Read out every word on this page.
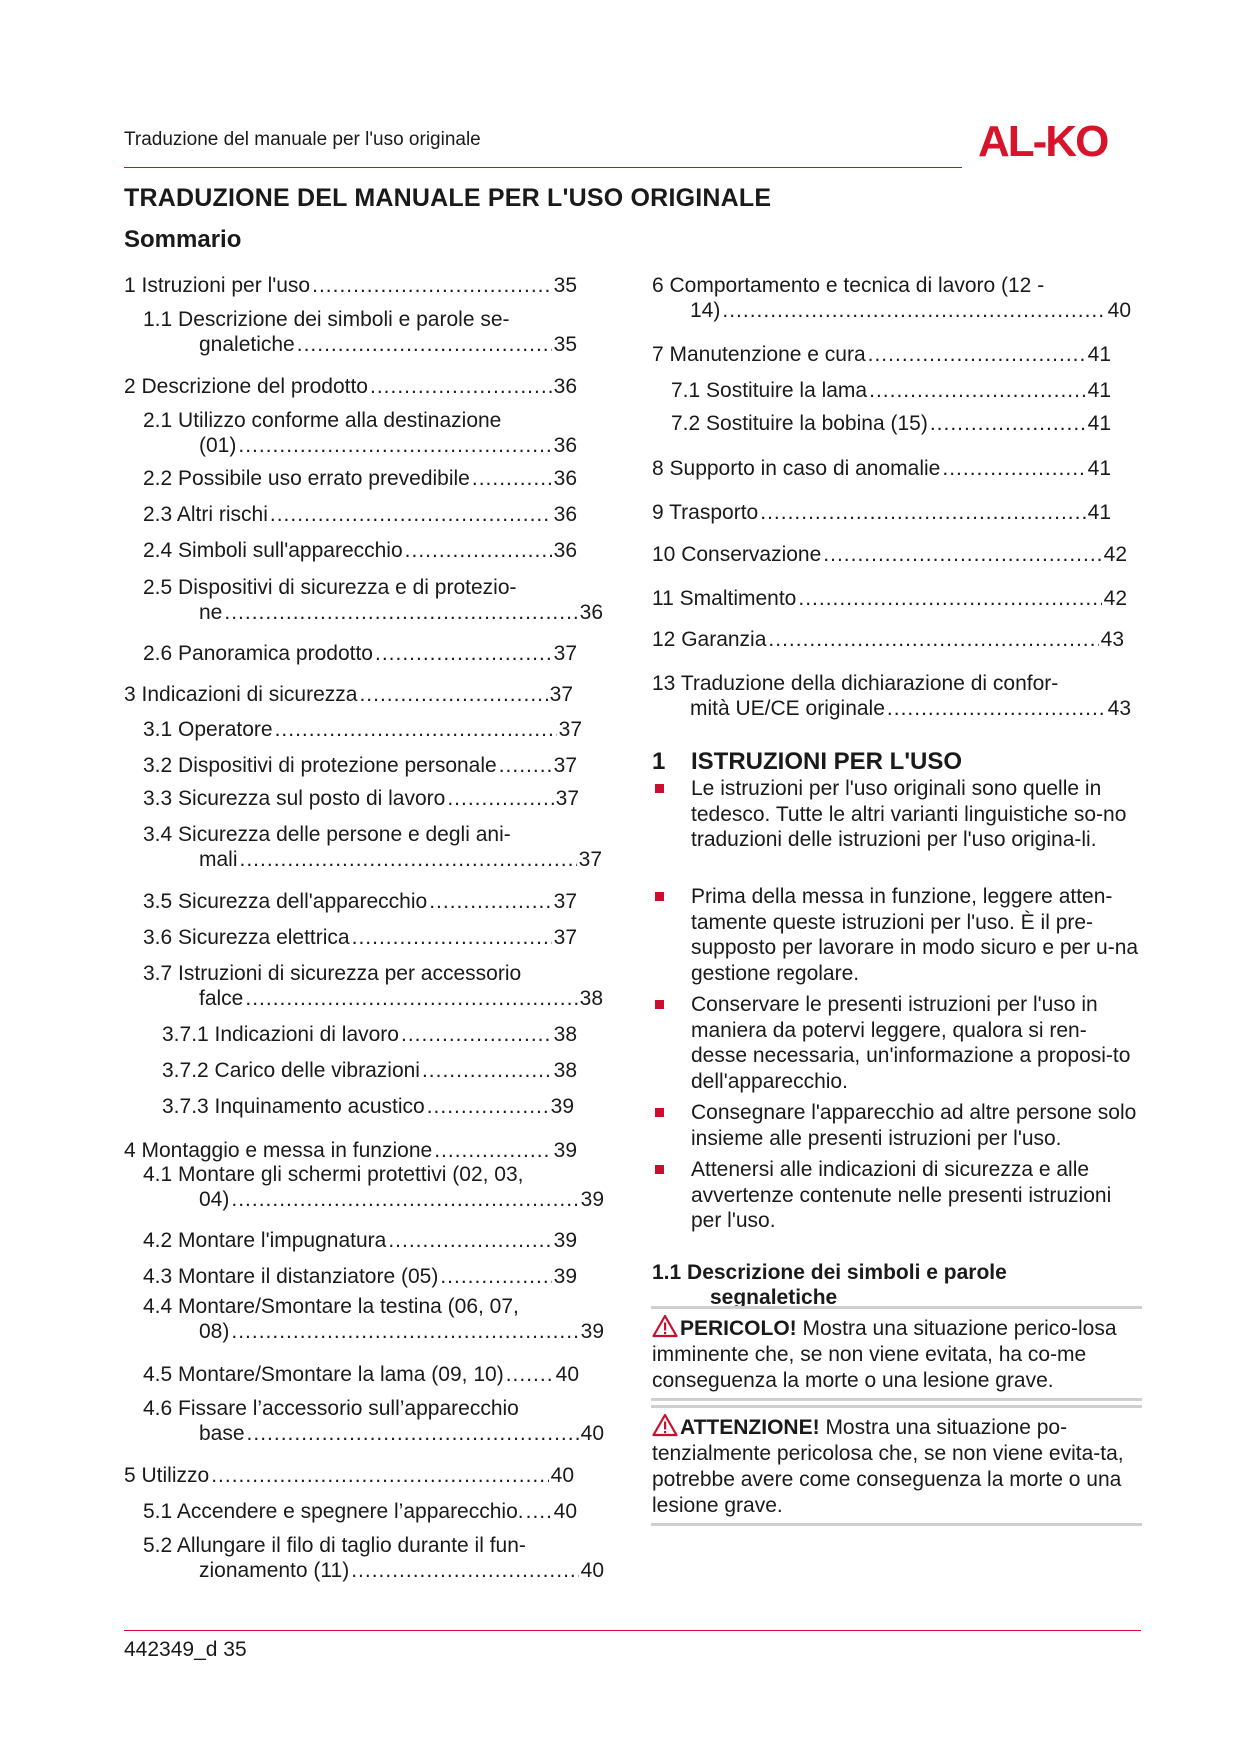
Traduzione del manuale per l'uso originale	AL-KO
TRADUZIONE DEL MANUALE PER L'USO ORIGINALE
Sommario
1 Istruzioni per l'uso .....	35
1.1 Descrizione dei simboli e parole se-
gnaletiche .....	35
2 Descrizione del prodotto .....	36
2.1 Utilizzo conforme alla destinazione
(01) .....	36
2.2 Possibile uso errato prevedibile .....	36
2.3 Altri rischi .....	36
2.4 Simboli sull'apparecchio .....	36
2.5 Dispositivi di sicurezza e di protezio-
ne .....	36
2.6 Panoramica prodotto .....	37
3 Indicazioni di sicurezza .....	37
3.1 Operatore .....	37
3.2 Dispositivi di protezione personale .....	37
3.3 Sicurezza sul posto di lavoro .....	37
3.4 Sicurezza delle persone e degli ani-
mali .....	37
3.5 Sicurezza dell'apparecchio .....	37
3.6 Sicurezza elettrica .....	37
3.7 Istruzioni di sicurezza per accessorio
falce .....	38
3.7.1 Indicazioni di lavoro .....	38
3.7.2 Carico delle vibrazioni .....	38
3.7.3 Inquinamento acustico .....	39
4 Montaggio e messa in funzione .....	39
4.1 Montare gli schermi protettivi (02, 03,
04) .....	39
4.2 Montare l'impugnatura .....	39
4.3 Montare il distanziatore (05) .....	39
4.4 Montare/Smontare la testina (06, 07,
08) .....	39
4.5 Montare/Smontare la lama (09, 10) ..... 40
4.6 Fissare l’accessorio sull’apparecchio
base .....	40
5 Utilizzo .....	40
5.1 Accendere e spegnere l’apparecchio. ..... 40
5.2 Allungare il filo di taglio durante il fun-
zionamento (11) .....	40
6 Comportamento e tecnica di lavoro (12 -
14) .....	40
7 Manutenzione e cura .....	41
7.1 Sostituire la lama .....	41
7.2 Sostituire la bobina (15) .....	41
8 Supporto in caso di anomalie .....	41
9 Trasporto .....	41
10 Conservazione .....	42
11 Smaltimento .....	42
12 Garanzia .....	43
13 Traduzione della dichiarazione di confor-
mità UE/CE originale .....	43
1 ISTRUZIONI PER L'USO
Le istruzioni per l'uso originali sono quelle in tedesco. Tutte le altri varianti linguistiche so-no traduzioni delle istruzioni per l'uso origina-li.
Prima della messa in funzione, leggere atten-tamente queste istruzioni per l'uso. È il pre-supposto per lavorare in modo sicuro e per u-na gestione regolare.
Conservare le presenti istruzioni per l'uso in maniera da potervi leggere, qualora si ren-desse necessaria, un'informazione a proposi-to dell'apparecchio.
Consegnare l'apparecchio ad altre persone solo insieme alle presenti istruzioni per l'uso.
Attenersi alle indicazioni di sicurezza e alle avvertenze contenute nelle presenti istruzioni per l'uso.
1.1 Descrizione dei simboli e parole
segnaletiche
PERICOLO! Mostra una situazione perico-losa imminente che, se non viene evitata, ha co-me conseguenza la morte o una lesione grave.
ATTENZIONE! Mostra una situazione po-tenzialmente pericolosa che, se non viene evita-ta, potrebbe avere come conseguenza la morte o una lesione grave.
442349_d 35
